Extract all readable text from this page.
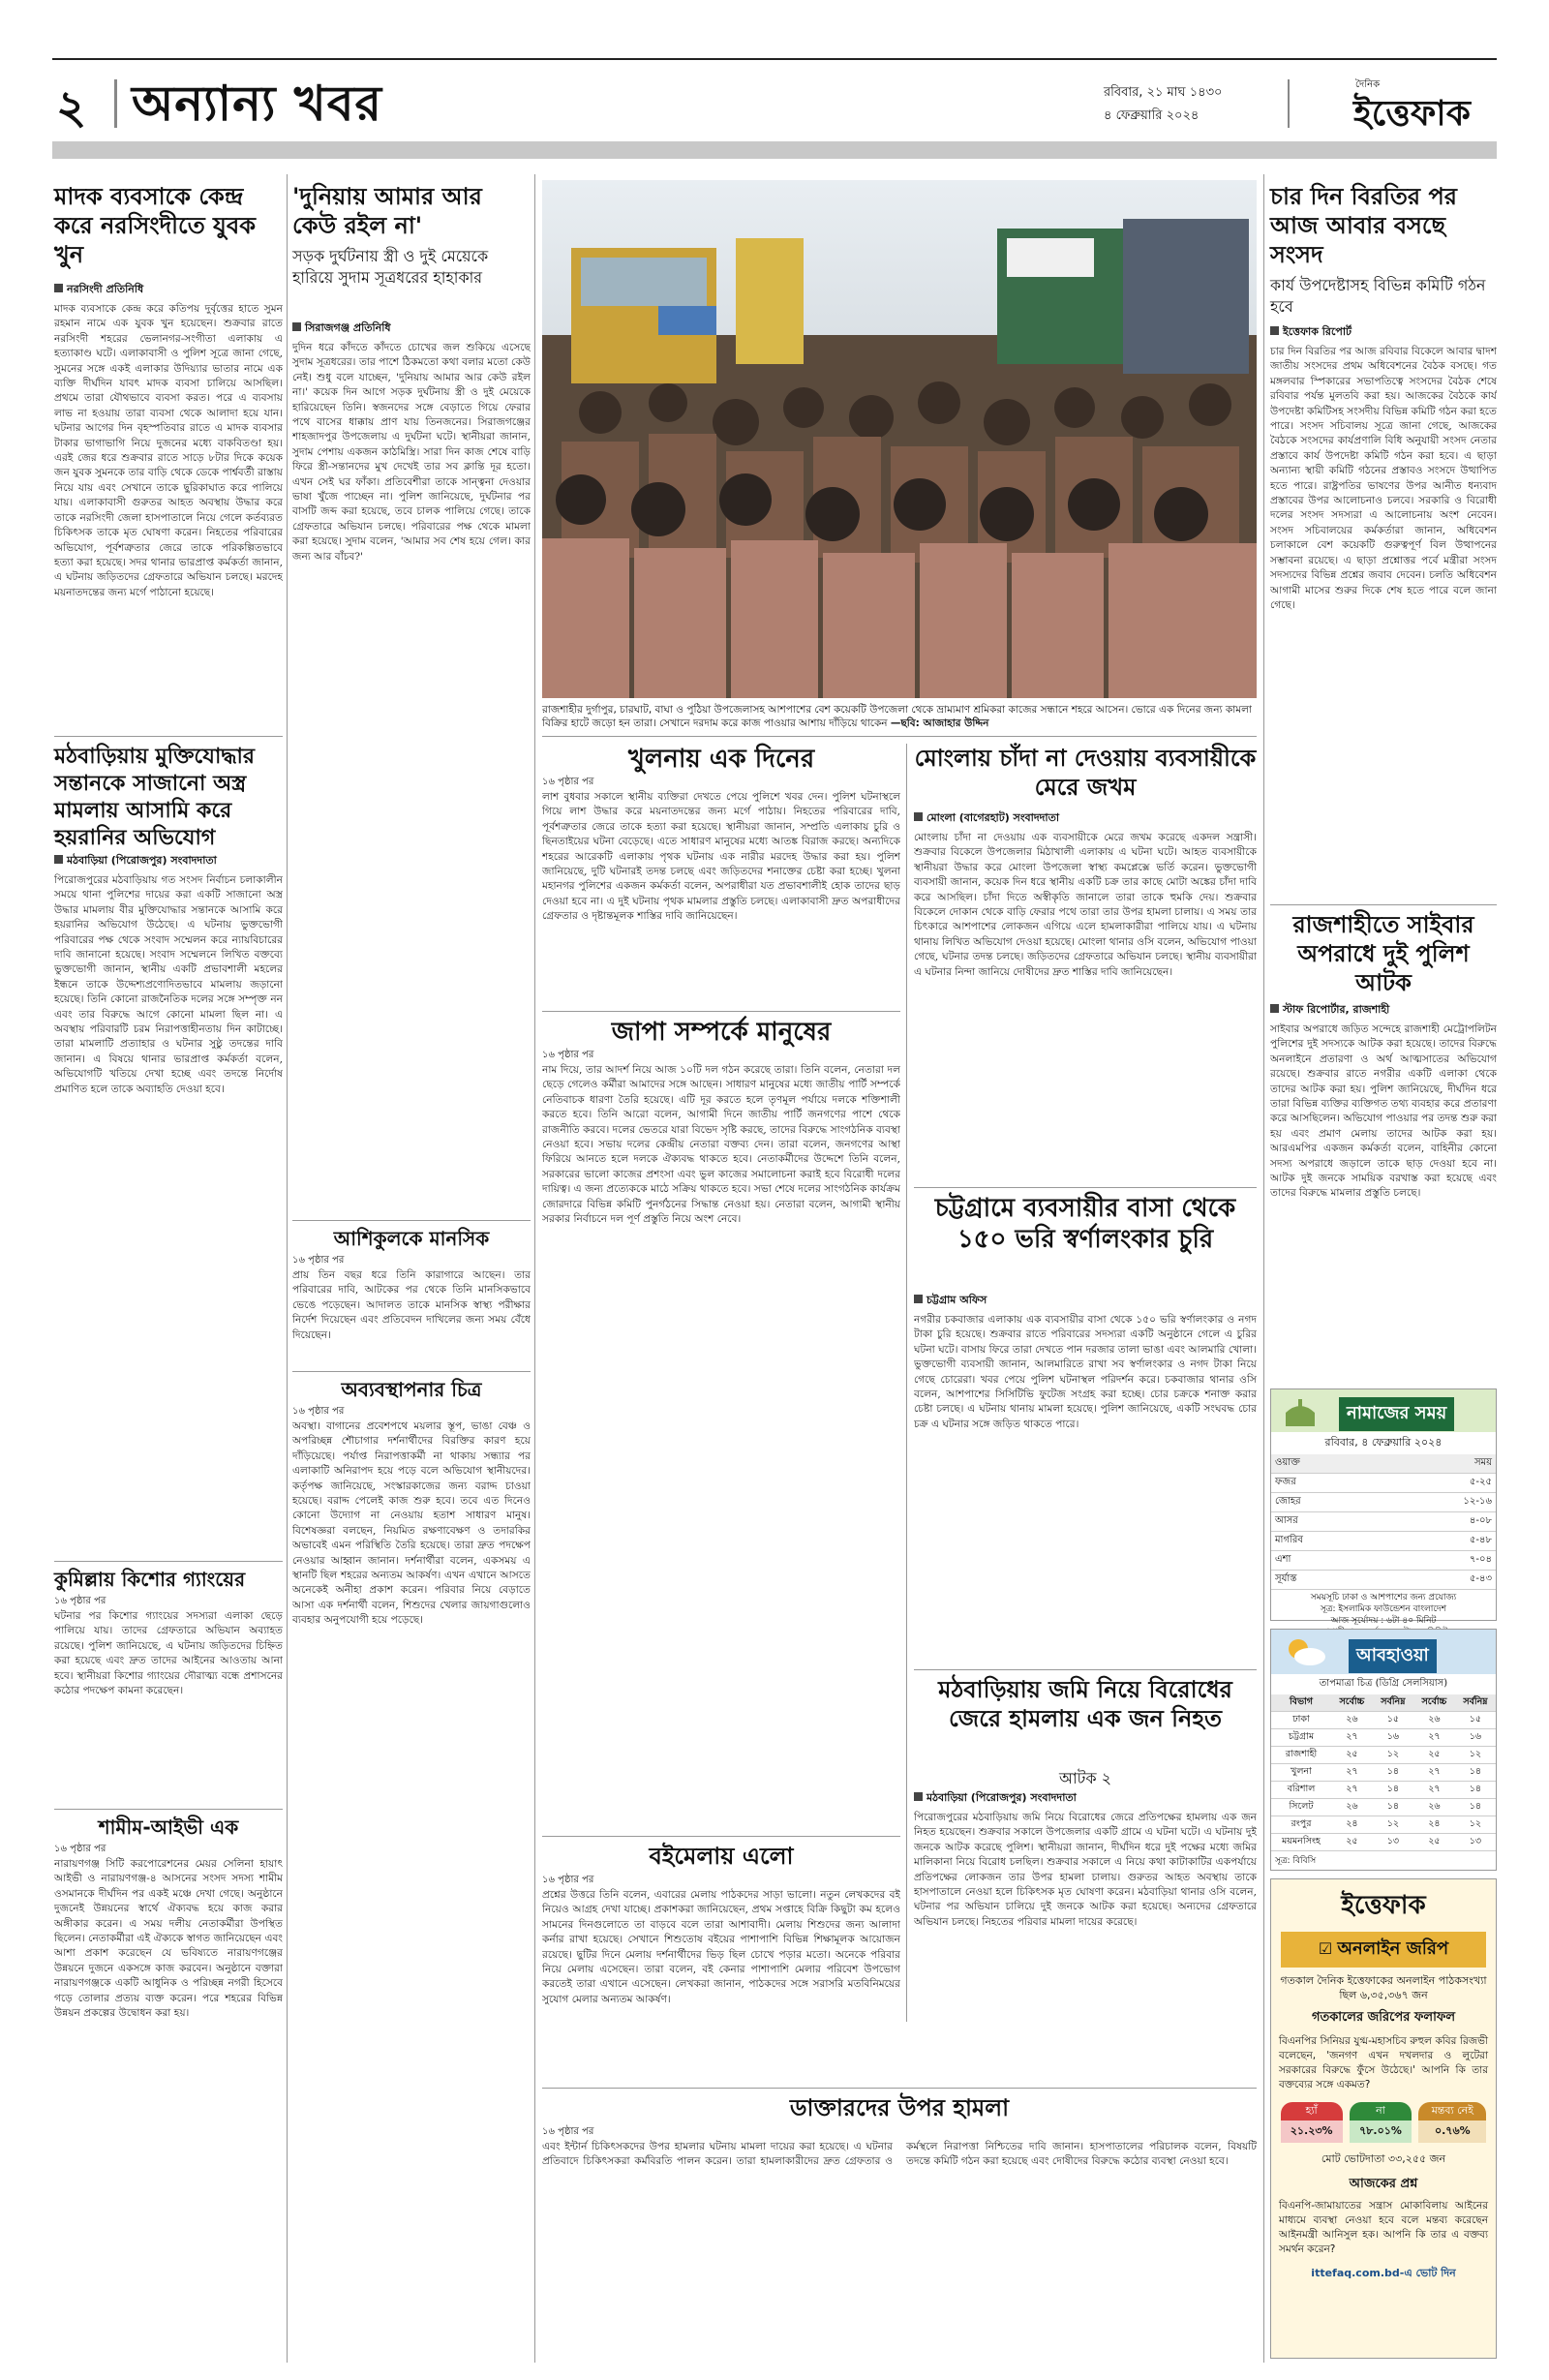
২ অন্যান্য খবর	রবিবার, ২১ মাঘ ১৪৩০
৪ ফেব্রুয়ারি ২০২৪
দৈনিক
ইত্তেফাক
মাদক ব্যবসাকে কেন্দ্র করে নরসিংদীতে যুবক খুন
নরসিংদী প্রতিনিধি
মাদক ব্যবসাকে কেন্দ্র করে কতিপয় দুর্বৃত্তের হাতে সুমন রহমান নামে এক যুবক খুন হয়েছেন। শুক্রবার রাতে নরসিংদী শহরের ভেলানগর-সংগীতা এলাকায় এ হত্যাকাণ্ড ঘটে। এলাকাবাসী ও পুলিশ সূত্রে জানা গেছে, সুমনের সঙ্গে একই এলাকার উদিয়্যার ভাতার নামে এক ব্যক্তি দীর্ঘদিন যাবৎ মাদক ব্যবসা চালিয়ে আসছিল। প্রথমে তারা যৌথভাবে ব্যবসা করত। পরে এ ব্যবসায় লাভ না হওয়ায় তারা ব্যবসা থেকে আলাদা হয়ে যান। ঘটনার আগের দিন বৃহস্পতিবার রাতে এ মাদক ব্যবসার টাকার ভাগাভাগি নিয়ে দুজনের মধ্যে বাকবিতণ্ডা হয়। এরই জের ধরে শুক্রবার রাতে সাড়ে ৮টার দিকে কয়েক জন যুবক সুমনকে তার বাড়ি থেকে ডেকে পার্শ্ববর্তী রাস্তায় নিয়ে যায় এবং সেখানে তাকে ছুরিকাঘাত করে পালিয়ে যায়। এলাকাবাসী গুরুতর আহত অবস্থায় উদ্ধার করে তাকে নরসিংদী জেলা হাসপাতালে নিয়ে গেলে কর্তব্যরত চিকিৎসক তাকে মৃত ঘোষণা করেন। নিহতের পরিবারের অভিযোগ, পূর্বশত্রুতার জেরে তাকে পরিকল্পিতভাবে হত্যা করা হয়েছে। সদর থানার ভারপ্রাপ্ত কর্মকর্তা জানান, এ ঘটনায় জড়িতদের গ্রেফতারে অভিযান চলছে। মরদেহ ময়নাতদন্তের জন্য মর্গে পাঠানো হয়েছে।
মঠবাড়িয়ায় মুক্তিযোদ্ধার সন্তানকে সাজানো অস্ত্র মামলায় আসামি করে হয়রানির অভিযোগ
মঠবাড়িয়া (পিরোজপুর) সংবাদদাতা
পিরোজপুরের মঠবাড়িয়ায় গত সংসদ নির্বাচন চলাকালীন সময়ে থানা পুলিশের দায়ের করা একটি সাজানো অস্ত্র উদ্ধার মামলায় বীর মুক্তিযোদ্ধার সন্তানকে আসামি করে হয়রানির অভিযোগ উঠেছে। এ ঘটনায় ভুক্তভোগী পরিবারের পক্ষ থেকে সংবাদ সম্মেলন করে ন্যায়বিচারের দাবি জানানো হয়েছে। সংবাদ সম্মেলনে লিখিত বক্তব্যে ভুক্তভোগী জানান, স্থানীয় একটি প্রভাবশালী মহলের ইন্ধনে তাকে উদ্দেশ্যপ্রণোদিতভাবে মামলায় জড়ানো হয়েছে। তিনি কোনো রাজনৈতিক দলের সঙ্গে সম্পৃক্ত নন এবং তার বিরুদ্ধে আগে কোনো মামলা ছিল না। এ অবস্থায় পরিবারটি চরম নিরাপত্তাহীনতায় দিন কাটাচ্ছে। তারা মামলাটি প্রত্যাহার ও ঘটনার সুষ্ঠু তদন্তের দাবি জানান। এ বিষয়ে থানার ভারপ্রাপ্ত কর্মকর্তা বলেন, অভিযোগটি খতিয়ে দেখা হচ্ছে এবং তদন্তে নির্দোষ প্রমাণিত হলে তাকে অব্যাহতি দেওয়া হবে।
কুমিল্লায় কিশোর গ্যাংয়ের
১৬ পৃষ্ঠার পর
ঘটনার পর কিশোর গ্যাংয়ের সদস্যরা এলাকা ছেড়ে পালিয়ে যায়। তাদের গ্রেফতারে অভিযান অব্যাহত রয়েছে। পুলিশ জানিয়েছে, এ ঘটনায় জড়িতদের চিহ্নিত করা হয়েছে এবং দ্রুত তাদের আইনের আওতায় আনা হবে। স্থানীয়রা কিশোর গ্যাংয়ের দৌরাত্ম্য বন্ধে প্রশাসনের কঠোর পদক্ষেপ কামনা করেছেন।
শামীম-আইভী এক
১৬ পৃষ্ঠার পর
নারায়ণগঞ্জ সিটি করপোরেশনের মেয়র সেলিনা হায়াৎ আইভী ও নারায়ণগঞ্জ-৪ আসনের সংসদ সদস্য শামীম ওসমানকে দীর্ঘদিন পর একই মঞ্চে দেখা গেছে। অনুষ্ঠানে দুজনেই উন্নয়নের স্বার্থে ঐক্যবদ্ধ হয়ে কাজ করার অঙ্গীকার করেন। এ সময় দলীয় নেতাকর্মীরা উপস্থিত ছিলেন। নেতাকর্মীরা এই ঐক্যকে স্বাগত জানিয়েছেন এবং আশা প্রকাশ করেছেন যে ভবিষ্যতে নারায়ণগঞ্জের উন্নয়নে দুজনে একসঙ্গে কাজ করবেন। অনুষ্ঠানে বক্তারা নারায়ণগঞ্জকে একটি আধুনিক ও পরিচ্ছন্ন নগরী হিসেবে গড়ে তোলার প্রত্যয় ব্যক্ত করেন। পরে শহরের বিভিন্ন উন্নয়ন প্রকল্পের উদ্বোধন করা হয়।
'দুনিয়ায় আমার আর কেউ রইল না'
সড়ক দুর্ঘটনায় স্ত্রী ও দুই মেয়েকে হারিয়ে সুদাম সূত্রধরের হাহাকার
সিরাজগঞ্জ প্রতিনিধি
দুদিন ধরে কাঁদতে কাঁদতে চোখের জল শুকিয়ে এসেছে সুদাম সূত্রধরের। তার পাশে ঠিকমতো কথা বলার মতো কেউ নেই। শুধু বলে যাচ্ছেন, 'দুনিয়ায় আমার আর কেউ রইল না।' কয়েক দিন আগে সড়ক দুর্ঘটনায় স্ত্রী ও দুই মেয়েকে হারিয়েছেন তিনি। স্বজনদের সঙ্গে বেড়াতে গিয়ে ফেরার পথে বাসের ধাক্কায় প্রাণ যায় তিনজনের। সিরাজগঞ্জের শাহজাদপুর উপজেলায় এ দুর্ঘটনা ঘটে। স্থানীয়রা জানান, সুদাম পেশায় একজন কাঠমিস্ত্রি। সারা দিন কাজ শেষে বাড়ি ফিরে স্ত্রী-সন্তানদের মুখ দেখেই তার সব ক্লান্তি দূর হতো। এখন সেই ঘর ফাঁকা। প্রতিবেশীরা তাকে সান্ত্বনা দেওয়ার ভাষা খুঁজে পাচ্ছেন না। পুলিশ জানিয়েছে, দুর্ঘটনার পর বাসটি জব্দ করা হয়েছে, তবে চালক পালিয়ে গেছে। তাকে গ্রেফতারে অভিযান চলছে। পরিবারের পক্ষ থেকে মামলা করা হয়েছে। সুদাম বলেন, 'আমার সব শেষ হয়ে গেল। কার জন্য আর বাঁচব?'
আশিকুলকে মানসিক
১৬ পৃষ্ঠার পর
প্রায় তিন বছর ধরে তিনি কারাগারে আছেন। তার পরিবারের দাবি, আটকের পর থেকে তিনি মানসিকভাবে ভেঙে পড়েছেন। আদালত তাকে মানসিক স্বাস্থ্য পরীক্ষার নির্দেশ দিয়েছেন এবং প্রতিবেদন দাখিলের জন্য সময় বেঁধে দিয়েছেন।
অব্যবস্থাপনার চিত্র
১৬ পৃষ্ঠার পর
অবস্থা। বাগানের প্রবেশপথে ময়লার স্তূপ, ভাঙা বেঞ্চ ও অপরিচ্ছন্ন শৌচাগার দর্শনার্থীদের বিরক্তির কারণ হয়ে দাঁড়িয়েছে। পর্যাপ্ত নিরাপত্তাকর্মী না থাকায় সন্ধ্যার পর এলাকাটি অনিরাপদ হয়ে পড়ে বলে অভিযোগ স্থানীয়দের। কর্তৃপক্ষ জানিয়েছে, সংস্কারকাজের জন্য বরাদ্দ চাওয়া হয়েছে। বরাদ্দ পেলেই কাজ শুরু হবে। তবে এত দিনেও কোনো উদ্যোগ না নেওয়ায় হতাশ সাধারণ মানুষ। বিশেষজ্ঞরা বলছেন, নিয়মিত রক্ষণাবেক্ষণ ও তদারকির অভাবেই এমন পরিস্থিতি তৈরি হয়েছে। তারা দ্রুত পদক্ষেপ নেওয়ার আহ্বান জানান। দর্শনার্থীরা বলেন, একসময় এ স্থানটি ছিল শহরের অন্যতম আকর্ষণ। এখন এখানে আসতে অনেকেই অনীহা প্রকাশ করেন। পরিবার নিয়ে বেড়াতে আসা এক দর্শনার্থী বলেন, শিশুদের খেলার জায়গাগুলোও ব্যবহার অনুপযোগী হয়ে পড়েছে।
রাজশাহীর দুর্গাপুর, চারঘাট, বাঘা ও পুঠিয়া উপজেলাসহ আশপাশের বেশ কয়েকটি উপজেলা থেকে ভ্রাম্যমাণ শ্রমিকরা কাজের সন্ধানে শহরে আসেন। ভোরে এক দিনের জন্য কামলা বিক্রির হাটে জড়ো হন তারা। সেখানে দরদাম করে কাজ পাওয়ার আশায় দাঁড়িয়ে থাকেন —ছবি: আজাহার উদ্দিন
খুলনায় এক দিনের
১৬ পৃষ্ঠার পর
লাশ বুধবার সকালে স্থানীয় ব্যক্তিরা দেখতে পেয়ে পুলিশে খবর দেন। পুলিশ ঘটনাস্থলে গিয়ে লাশ উদ্ধার করে ময়নাতদন্তের জন্য মর্গে পাঠায়। নিহতের পরিবারের দাবি, পূর্বশত্রুতার জেরে তাকে হত্যা করা হয়েছে। স্থানীয়রা জানান, সম্প্রতি এলাকায় চুরি ও ছিনতাইয়ের ঘটনা বেড়েছে। এতে সাধারণ মানুষের মধ্যে আতঙ্ক বিরাজ করছে। অন্যদিকে শহরের আরেকটি এলাকায় পৃথক ঘটনায় এক নারীর মরদেহ উদ্ধার করা হয়। পুলিশ জানিয়েছে, দুটি ঘটনারই তদন্ত চলছে এবং জড়িতদের শনাক্তের চেষ্টা করা হচ্ছে। খুলনা মহানগর পুলিশের একজন কর্মকর্তা বলেন, অপরাধীরা যত প্রভাবশালীই হোক তাদের ছাড় দেওয়া হবে না। এ দুই ঘটনায় পৃথক মামলার প্রস্তুতি চলছে। এলাকাবাসী দ্রুত অপরাধীদের গ্রেফতার ও দৃষ্টান্তমূলক শাস্তির দাবি জানিয়েছেন।
জাপা সম্পর্কে মানুষের
১৬ পৃষ্ঠার পর
নাম দিয়ে, তার আদর্শ নিয়ে আজ ১০টি দল গঠন করেছে তারা। তিনি বলেন, নেতারা দল ছেড়ে গেলেও কর্মীরা আমাদের সঙ্গে আছেন। সাধারণ মানুষের মধ্যে জাতীয় পার্টি সম্পর্কে নেতিবাচক ধারণা তৈরি হয়েছে। এটি দূর করতে হলে তৃণমূল পর্যায়ে দলকে শক্তিশালী করতে হবে। তিনি আরো বলেন, আগামী দিনে জাতীয় পার্টি জনগণের পাশে থেকে রাজনীতি করবে। দলের ভেতরে যারা বিভেদ সৃষ্টি করছে, তাদের বিরুদ্ধে সাংগঠনিক ব্যবস্থা নেওয়া হবে। সভায় দলের কেন্দ্রীয় নেতারা বক্তব্য দেন। তারা বলেন, জনগণের আস্থা ফিরিয়ে আনতে হলে দলকে ঐক্যবদ্ধ থাকতে হবে। নেতাকর্মীদের উদ্দেশে তিনি বলেন, সরকারের ভালো কাজের প্রশংসা এবং ভুল কাজের সমালোচনা করাই হবে বিরোধী দলের দায়িত্ব। এ জন্য প্রত্যেককে মাঠে সক্রিয় থাকতে হবে। সভা শেষে দলের সাংগঠনিক কার্যক্রম জোরদারে বিভিন্ন কমিটি পুনর্গঠনের সিদ্ধান্ত নেওয়া হয়। নেতারা বলেন, আগামী স্থানীয় সরকার নির্বাচনে দল পূর্ণ প্রস্তুতি নিয়ে অংশ নেবে।
বইমেলায় এলো
১৬ পৃষ্ঠার পর
প্রশ্নের উত্তরে তিনি বলেন, এবারের মেলায় পাঠকদের সাড়া ভালো। নতুন লেখকদের বই নিয়েও আগ্রহ দেখা যাচ্ছে। প্রকাশকরা জানিয়েছেন, প্রথম সপ্তাহে বিক্রি কিছুটা কম হলেও সামনের দিনগুলোতে তা বাড়বে বলে তারা আশাবাদী। মেলায় শিশুদের জন্য আলাদা কর্নার রাখা হয়েছে। সেখানে শিশুতোষ বইয়ের পাশাপাশি বিভিন্ন শিক্ষামূলক আয়োজন রয়েছে। ছুটির দিনে মেলায় দর্শনার্থীদের ভিড় ছিল চোখে পড়ার মতো। অনেকে পরিবার নিয়ে মেলায় এসেছেন। তারা বলেন, বই কেনার পাশাপাশি মেলার পরিবেশ উপভোগ করতেই তারা এখানে এসেছেন। লেখকরা জানান, পাঠকদের সঙ্গে সরাসরি মতবিনিময়ের সুযোগ মেলার অন্যতম আকর্ষণ।
ডাক্তারদের উপর হামলা
১৬ পৃষ্ঠার পর
এবং ইন্টার্ন চিকিৎসকদের উপর হামলার ঘটনায় মামলা দায়ের করা হয়েছে। এ ঘটনার প্রতিবাদে চিকিৎসকরা কর্মবিরতি পালন করেন। তারা হামলাকারীদের দ্রুত গ্রেফতার ও কর্মস্থলে নিরাপত্তা নিশ্চিতের দাবি জানান। হাসপাতালের পরিচালক বলেন, বিষয়টি তদন্তে কমিটি গঠন করা হয়েছে এবং দোষীদের বিরুদ্ধে কঠোর ব্যবস্থা নেওয়া হবে।
মোংলায় চাঁদা না দেওয়ায় ব্যবসায়ীকে মেরে জখম
মোংলা (বাগেরহাট) সংবাদদাতা
মোংলায় চাঁদা না দেওয়ায় এক ব্যবসায়ীকে মেরে জখম করেছে একদল সন্ত্রাসী। শুক্রবার বিকেলে উপজেলার মিঠাখালী এলাকায় এ ঘটনা ঘটে। আহত ব্যবসায়ীকে স্থানীয়রা উদ্ধার করে মোংলা উপজেলা স্বাস্থ্য কমপ্লেক্সে ভর্তি করেন। ভুক্তভোগী ব্যবসায়ী জানান, কয়েক দিন ধরে স্থানীয় একটি চক্র তার কাছে মোটা অঙ্কের চাঁদা দাবি করে আসছিল। চাঁদা দিতে অস্বীকৃতি জানালে তারা তাকে হুমকি দেয়। শুক্রবার বিকেলে দোকান থেকে বাড়ি ফেরার পথে তারা তার উপর হামলা চালায়। এ সময় তার চিৎকারে আশপাশের লোকজন এগিয়ে এলে হামলাকারীরা পালিয়ে যায়। এ ঘটনায় থানায় লিখিত অভিযোগ দেওয়া হয়েছে। মোংলা থানার ওসি বলেন, অভিযোগ পাওয়া গেছে, ঘটনার তদন্ত চলছে। জড়িতদের গ্রেফতারে অভিযান চলছে। স্থানীয় ব্যবসায়ীরা এ ঘটনার নিন্দা জানিয়ে দোষীদের দ্রুত শাস্তির দাবি জানিয়েছেন।
চট্টগ্রামে ব্যবসায়ীর বাসা থেকে ১৫০ ভরি স্বর্ণালংকার চুরি
চট্টগ্রাম অফিস
নগরীর চকবাজার এলাকায় এক ব্যবসায়ীর বাসা থেকে ১৫০ ভরি স্বর্ণালংকার ও নগদ টাকা চুরি হয়েছে। শুক্রবার রাতে পরিবারের সদস্যরা একটি অনুষ্ঠানে গেলে এ চুরির ঘটনা ঘটে। বাসায় ফিরে তারা দেখতে পান দরজার তালা ভাঙা এবং আলমারি খোলা। ভুক্তভোগী ব্যবসায়ী জানান, আলমারিতে রাখা সব স্বর্ণালংকার ও নগদ টাকা নিয়ে গেছে চোরেরা। খবর পেয়ে পুলিশ ঘটনাস্থল পরিদর্শন করে। চকবাজার থানার ওসি বলেন, আশপাশের সিসিটিভি ফুটেজ সংগ্রহ করা হচ্ছে। চোর চক্রকে শনাক্ত করার চেষ্টা চলছে। এ ঘটনায় থানায় মামলা হয়েছে। পুলিশ জানিয়েছে, একটি সংঘবদ্ধ চোর চক্র এ ঘটনার সঙ্গে জড়িত থাকতে পারে।
মঠবাড়িয়ায় জমি নিয়ে বিরোধের জেরে হামলায় এক জন নিহত
আটক ২
মঠবাড়িয়া (পিরোজপুর) সংবাদদাতা
পিরোজপুরের মঠবাড়িয়ায় জমি নিয়ে বিরোধের জেরে প্রতিপক্ষের হামলায় এক জন নিহত হয়েছেন। শুক্রবার সকালে উপজেলার একটি গ্রামে এ ঘটনা ঘটে। এ ঘটনায় দুই জনকে আটক করেছে পুলিশ। স্থানীয়রা জানান, দীর্ঘদিন ধরে দুই পক্ষের মধ্যে জমির মালিকানা নিয়ে বিরোধ চলছিল। শুক্রবার সকালে এ নিয়ে কথা কাটাকাটির একপর্যায়ে প্রতিপক্ষের লোকজন তার উপর হামলা চালায়। গুরুতর আহত অবস্থায় তাকে হাসপাতালে নেওয়া হলে চিকিৎসক মৃত ঘোষণা করেন। মঠবাড়িয়া থানার ওসি বলেন, ঘটনার পর অভিযান চালিয়ে দুই জনকে আটক করা হয়েছে। অন্যদের গ্রেফতারে অভিযান চলছে। নিহতের পরিবার মামলা দায়ের করেছে।
চার দিন বিরতির পর আজ আবার বসছে সংসদ
কার্য উপদেষ্টাসহ বিভিন্ন কমিটি গঠন হবে
ইত্তেফাক রিপোর্ট
চার দিন বিরতির পর আজ রবিবার বিকেলে আবার দ্বাদশ জাতীয় সংসদের প্রথম অধিবেশনের বৈঠক বসছে। গত মঙ্গলবার স্পিকারের সভাপতিত্বে সংসদের বৈঠক শেষে রবিবার পর্যন্ত মুলতবি করা হয়। আজকের বৈঠকে কার্য উপদেষ্টা কমিটিসহ সংসদীয় বিভিন্ন কমিটি গঠন করা হতে পারে। সংসদ সচিবালয় সূত্রে জানা গেছে, আজকের বৈঠকে সংসদের কার্যপ্রণালি বিধি অনুযায়ী সংসদ নেতার প্রস্তাবে কার্য উপদেষ্টা কমিটি গঠন করা হবে। এ ছাড়া অন্যান্য স্থায়ী কমিটি গঠনের প্রস্তাবও সংসদে উত্থাপিত হতে পারে। রাষ্ট্রপতির ভাষণের উপর আনীত ধন্যবাদ প্রস্তাবের উপর আলোচনাও চলবে। সরকারি ও বিরোধী দলের সংসদ সদস্যরা এ আলোচনায় অংশ নেবেন। সংসদ সচিবালয়ের কর্মকর্তারা জানান, অধিবেশন চলাকালে বেশ কয়েকটি গুরুত্বপূর্ণ বিল উত্থাপনের সম্ভাবনা রয়েছে। এ ছাড়া প্রশ্নোত্তর পর্বে মন্ত্রীরা সংসদ সদস্যদের বিভিন্ন প্রশ্নের জবাব দেবেন। চলতি অধিবেশন আগামী মাসের শুরুর দিকে শেষ হতে পারে বলে জানা গেছে।
রাজশাহীতে সাইবার অপরাধে দুই পুলিশ আটক
স্টাফ রিপোর্টার, রাজশাহী
সাইবার অপরাধে জড়িত সন্দেহে রাজশাহী মেট্রোপলিটন পুলিশের দুই সদস্যকে আটক করা হয়েছে। তাদের বিরুদ্ধে অনলাইনে প্রতারণা ও অর্থ আত্মসাতের অভিযোগ রয়েছে। শুক্রবার রাতে নগরীর একটি এলাকা থেকে তাদের আটক করা হয়। পুলিশ জানিয়েছে, দীর্ঘদিন ধরে তারা বিভিন্ন ব্যক্তির ব্যক্তিগত তথ্য ব্যবহার করে প্রতারণা করে আসছিলেন। অভিযোগ পাওয়ার পর তদন্ত শুরু করা হয় এবং প্রমাণ মেলায় তাদের আটক করা হয়। আরএমপির একজন কর্মকর্তা বলেন, বাহিনীর কোনো সদস্য অপরাধে জড়ালে তাকে ছাড় দেওয়া হবে না। আটক দুই জনকে সাময়িক বরখাস্ত করা হয়েছে এবং তাদের বিরুদ্ধে মামলার প্রস্তুতি চলছে।
নামাজের সময়
রবিবার, ৪ ফেব্রুয়ারি ২০২৪
ওয়াক্ত	সময়
ফজর	৫-২৫
জোহর	১২-১৬
আসর	৪-০৮
মাগরিব	৫-৪৮
এশা	৭-০৪
সূর্যাস্ত	৫-৪৩
সময়সূচি ঢাকা ও আশপাশের জন্য প্রযোজ্য
সূত্র: ইসলামিক ফাউন্ডেশন বাংলাদেশ
আজ সূর্যোদয় : ৬টা ৪০ মিনিট
আবহাওয়া
তাপমাত্রা চিত্র (ডিগ্রি সেলসিয়াস)
বিভাগ	সর্বোচ্চ	সর্বনিম্ন	সর্বোচ্চ	সর্বনিম্ন
ঢাকা	২৬	১৫	২৬	১৫
চট্টগ্রাম	২৭	১৬	২৭	১৬
রাজশাহী	২৫	১২	২৫	১২
খুলনা	২৭	১৪	২৭	১৪
বরিশাল	২৭	১৪	২৭	১৪
সিলেট	২৬	১৪	২৬	১৪
রংপুর	২৪	১২	২৪	১২
ময়মনসিংহ	২৫	১৩	২৫	১৩
সূত্র: বিবিসি
ইত্তেফাক
☑ অনলাইন জরিপ
গতকাল দৈনিক ইত্তেফাকের অনলাইন পাঠকসংখ্যা ছিল ৬,৩৫,৩৬৭ জন
গতকালের জরিপের ফলাফল
বিএনপির সিনিয়র যুগ্ম-মহাসচিব রুহুল কবির রিজভী বলেছেন, 'জনগণ এখন দখলদার ও লুটেরা সরকারের বিরুদ্ধে ফুঁসে উঠেছে।' আপনি কি তার বক্তব্যের সঙ্গে একমত?
হ্যাঁ
২১.২৩%
না
৭৮.০১%
মন্তব্য নেই
০.৭৬%
মোট ভোটদাতা ৩৩,২৫৫ জন
আজকের প্রশ্ন
বিএনপি-জামায়াতের সন্ত্রাস মোকাবিলায় আইনের মাধ্যমে ব্যবস্থা নেওয়া হবে বলে মন্তব্য করেছেন আইনমন্ত্রী আনিসুল হক। আপনি কি তার এ বক্তব্য সমর্থন করেন?
ittefaq.com.bd-এ ভোট দিন
